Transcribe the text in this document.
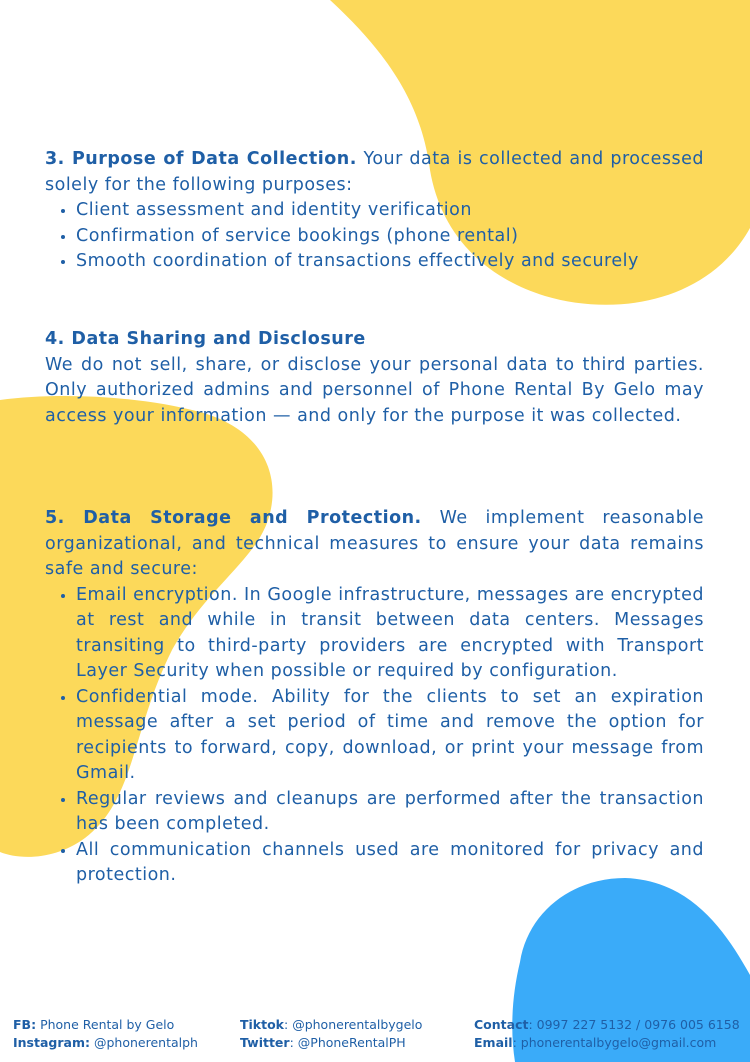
3. Purpose of Data Collection. Your data is collected and processed solely for the following purposes:

• Client assessment and identity verification
• Confirmation of service bookings (phone rental)
• Smooth coordination of transactions effectively and securely
4. Data Sharing and Disclosure

We do not sell, share, or disclose your personal data to third parties. Only authorized admins and personnel of Phone Rental By Gelo may access your information — and only for the purpose it was collected.

5. Data Storage and Protection. We implement reasonable organizational, and technical measures to ensure your data remains safe and secure:

• Email encryption. In Google infrastructure, messages are encrypted at rest and while in transit between data centers. Messages transiting to third-party providers are encrypted with Transport Layer Security when possible or required by configuration.
• Confidential mode. Ability for the clients to set an expiration message after a set period of time and remove the option for recipients to forward, copy, download, or print your message from Gmail.
• Regular reviews and cleanups are performed after the transaction has been completed.
• All communication channels used are monitored for privacy and protection.
FB: Phone Rental by Gelo
Instagram: @phonerentalph
Tiktok: @phonerentalbygelo
Twitter: @PhoneRentalPH
Contact: 0997 227 5132 / 0976 005 6158
Email: phonerentalbygelo@gmail.com
